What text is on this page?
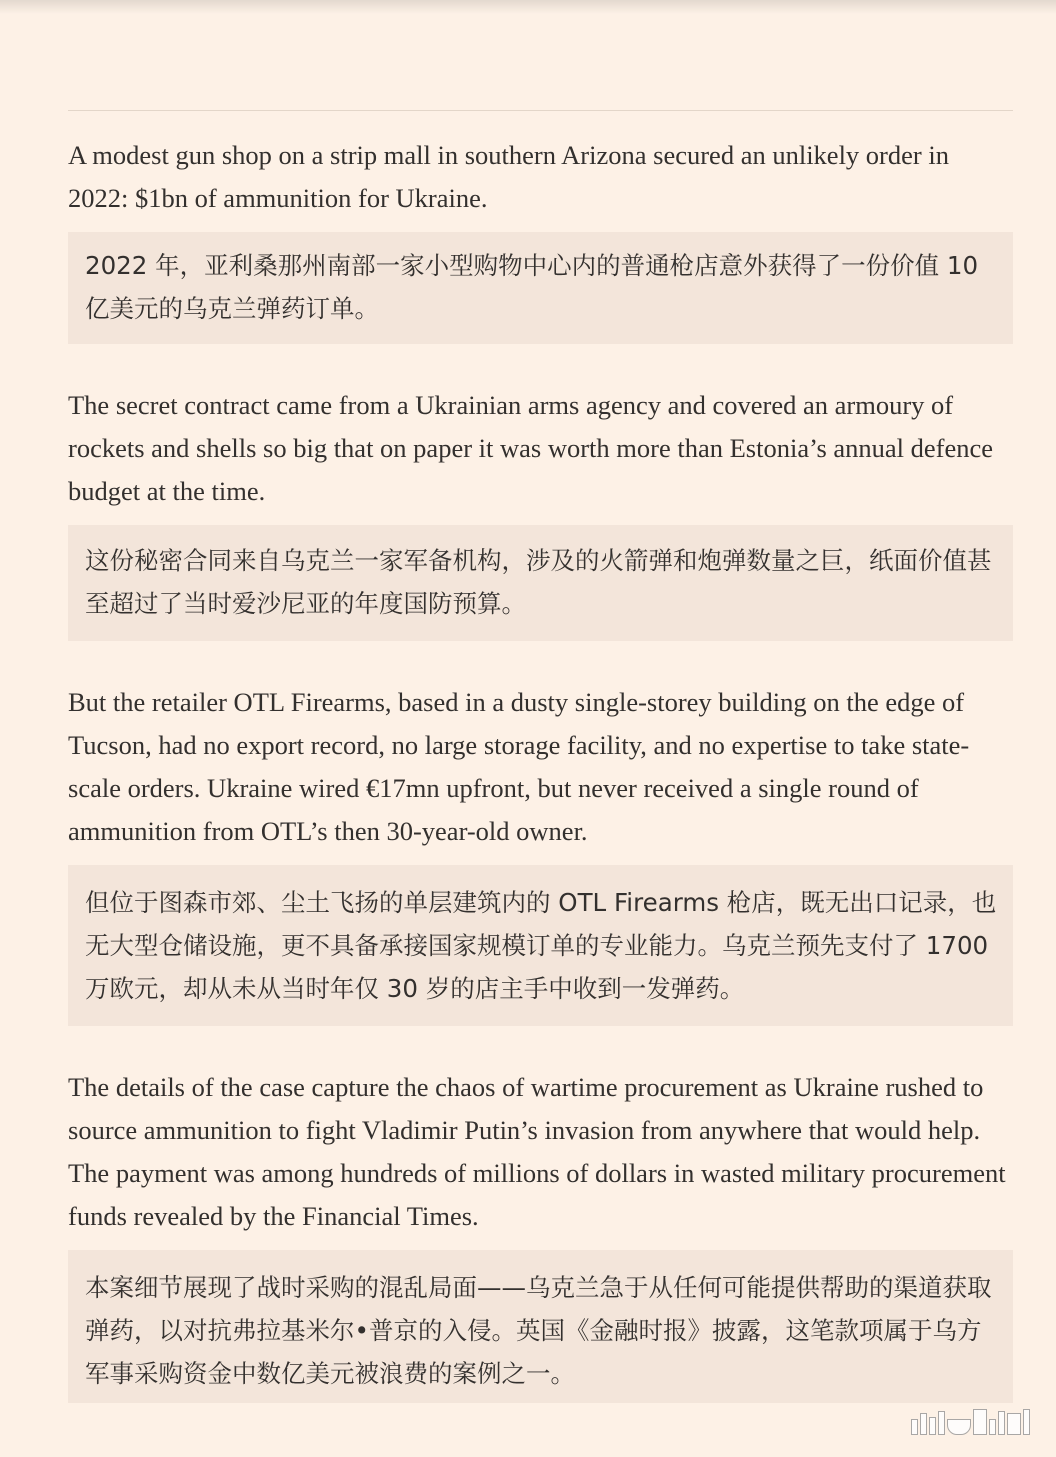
A modest gun shop on a strip mall in southern Arizona secured an unlikely order in 2022: $1bn of ammunition for Ukraine.

2022 年，亚利桑那州南部一家小型购物中心内的普通枪店意外获得了一份价值 10 亿美元的乌克兰弹药订单。

The secret contract came from a Ukrainian arms agency and covered an armoury of rockets and shells so big that on paper it was worth more than Estonia’s annual defence budget at the time.

这份秘密合同来自乌克兰一家军备机构，涉及的火箭弹和炮弹数量之巨，纸面价值甚至超过了当时爱沙尼亚的年度国防预算。

But the retailer OTL Firearms, based in a dusty single-storey building on the edge of Tucson, had no export record, no large storage facility, and no expertise to take state-scale orders. Ukraine wired €17mn upfront, but never received a single round of ammunition from OTL’s then 30-year-old owner.

但位于图森市郊、尘土飞扬的单层建筑内的 OTL Firearms 枪店，既无出口记录，也无大型仓储设施，更不具备承接国家规模订单的专业能力。乌克兰预先支付了 1700 万欧元，却从未从当时年仅 30 岁的店主手中收到一发弹药。

The details of the case capture the chaos of wartime procurement as Ukraine rushed to source ammunition to fight Vladimir Putin’s invasion from anywhere that would help. The payment was among hundreds of millions of dollars in wasted military procurement funds revealed by the Financial Times.

本案细节展现了战时采购的混乱局面——乌克兰急于从任何可能提供帮助的渠道获取弹药，以对抗弗拉基米尔•普京的入侵。英国《金融时报》披露，这笔款项属于乌方军事采购资金中数亿美元被浪费的案例之一。
